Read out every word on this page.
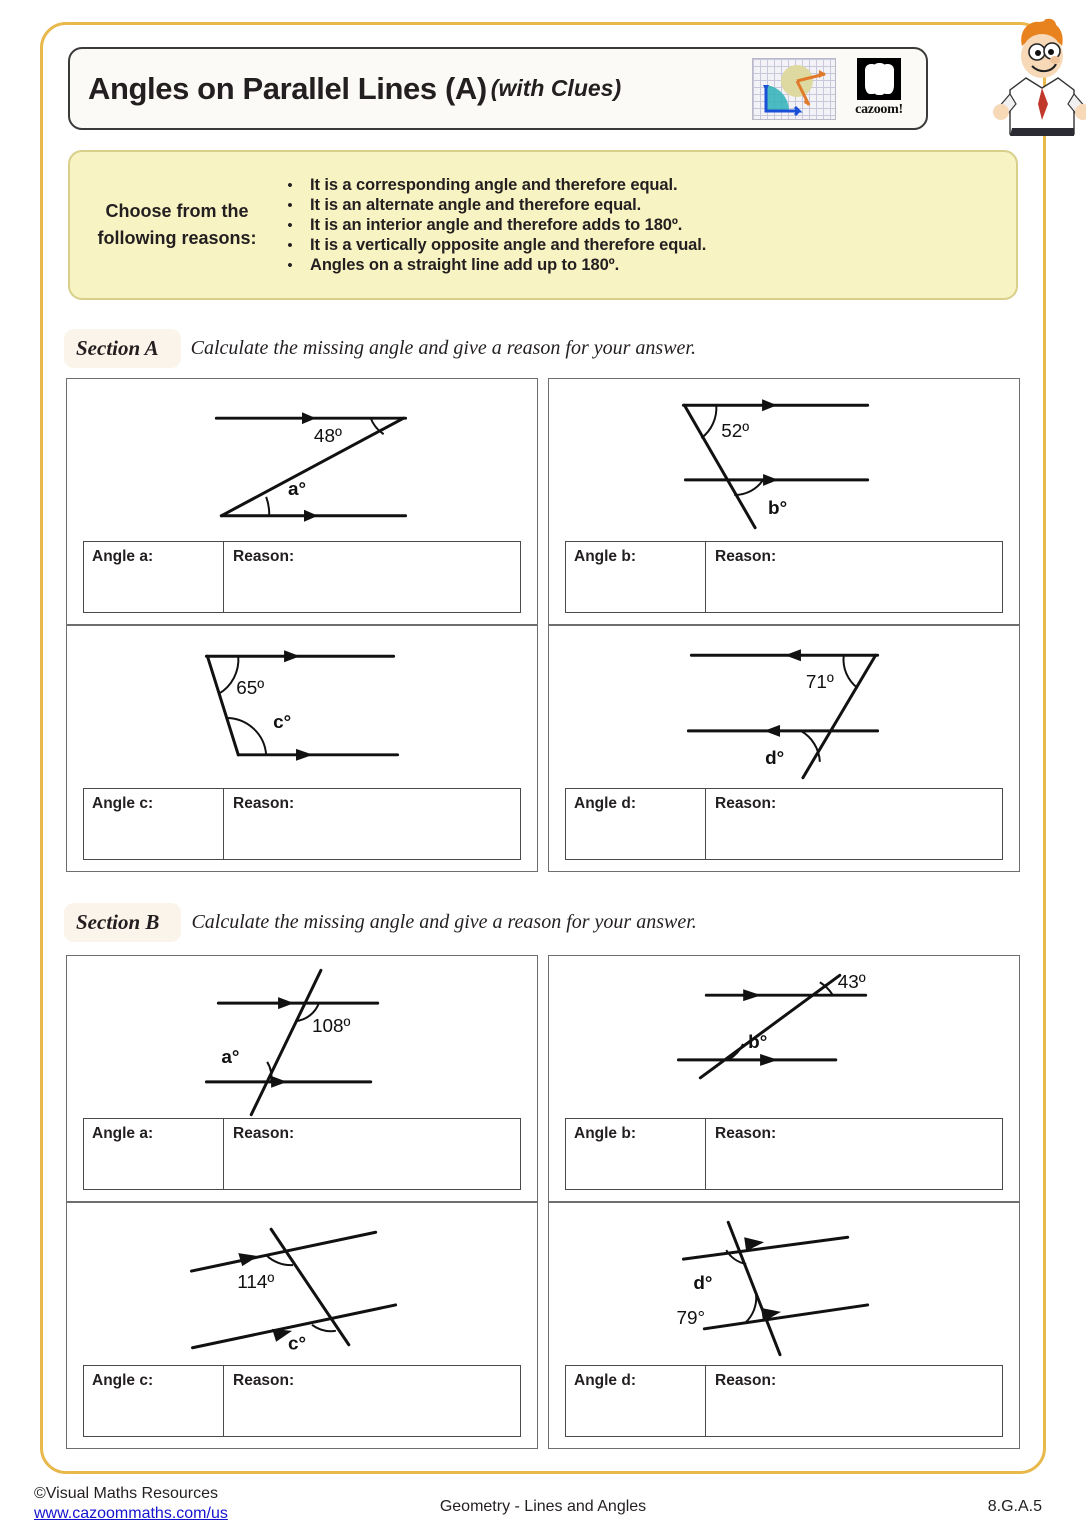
Angles on Parallel Lines (A) (with Clues)
cazoom!
Choose from the following reasons:
•	It is a corresponding angle and therefore equal.
•	It is an alternate angle and therefore equal.
•	It is an interior angle and therefore adds to 180º.
•	It is a vertically opposite angle and therefore equal.
•	Angles on a straight line add up to 180º.
Section A	Calculate the missing angle and give a reason for your answer.
48º
a°
Angle a:	Reason:
52º
b°
Angle b:	Reason:
65º
c°
Angle c:	Reason:
71º
d°
Angle d:	Reason:
Section B	Calculate the missing angle and give a reason for your answer.
108º
a°
Angle a:	Reason:
43º
b°
Angle b:	Reason:
114º
c°
Angle c:	Reason:
d°
79°
Angle d:	Reason:
©Visual Maths Resources
www.cazoommaths.com/us	Geometry - Lines and Angles	8.G.A.5
